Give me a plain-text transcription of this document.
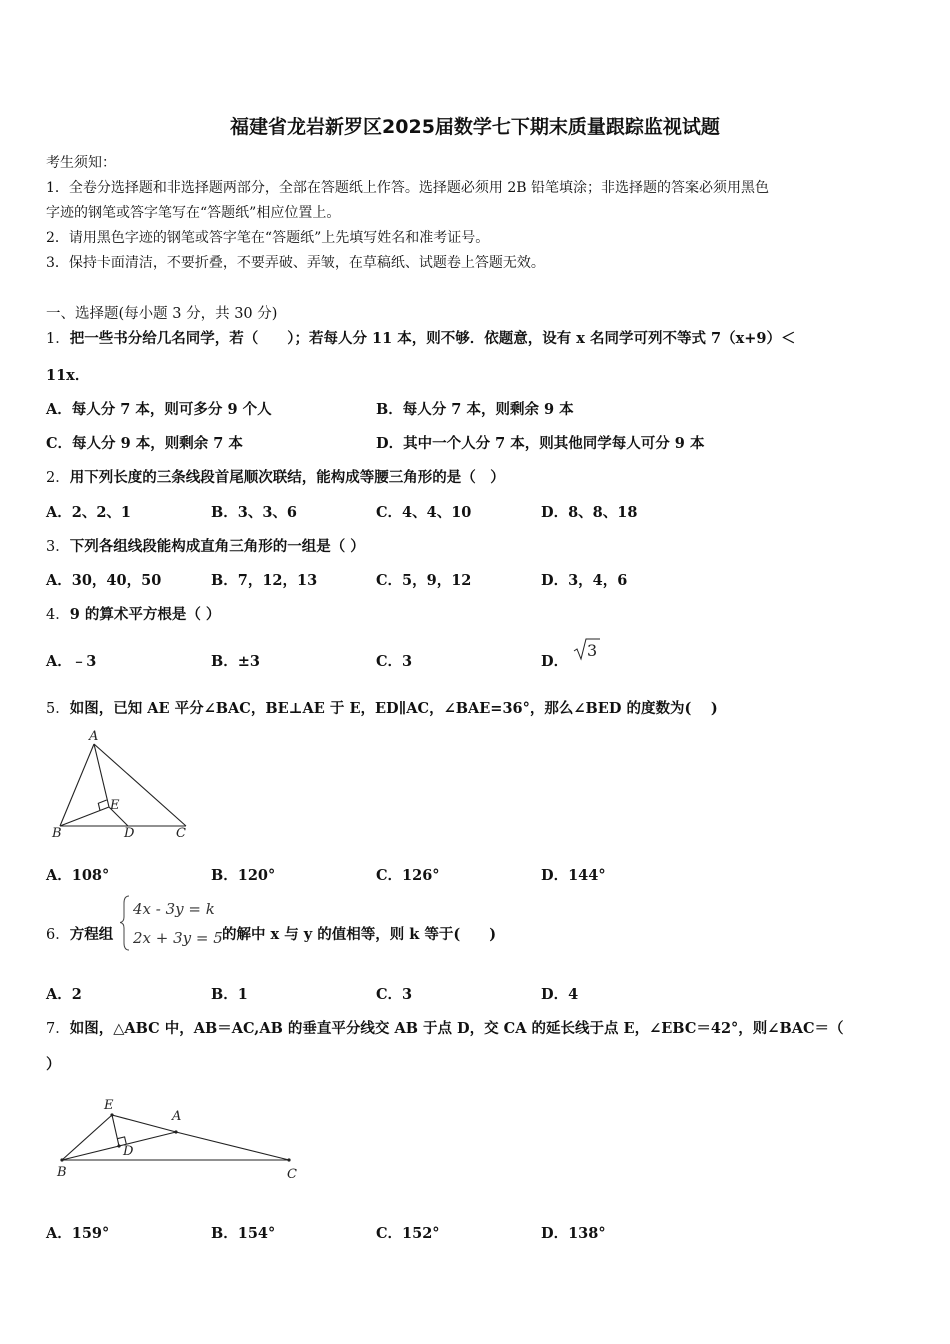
福建省龙岩新罗区2025届数学七下期末质量跟踪监视试题
考生须知：
1．全卷分选择题和非选择题两部分，全部在答题纸上作答。选择题必须用 2B 铅笔填涂；非选择题的答案必须用黑色
字迹的钢笔或答字笔写在“答题纸”相应位置上。
2．请用黑色字迹的钢笔或答字笔在“答题纸”上先填写姓名和准考证号。
3．保持卡面清洁，不要折叠，不要弄破、弄皱，在草稿纸、试题卷上答题无效。
一、选择题(每小题 3 分，共 30 分)
1．把一些书分给几名同学，若（　　）；若每人分 11 本，则不够．依题意，设有 x 名同学可列不等式 7（x+9）＜
11x．
A．每人分 7 本，则可多分 9 个人	B．每人分 7 本，则剩余 9 本
C．每人分 9 本，则剩余 7 本	D．其中一个人分 7 本，则其他同学每人可分 9 本
2．用下列长度的三条线段首尾顺次联结，能构成等腰三角形的是（　）
A．2、2、1	B．3、3、6	C．4、4、10	D．8、8、18
3．下列各组线段能构成直角三角形的一组是（ ）
A．30，40，50	B．7，12，13	C．5，9，12	D．3，4，6
4．9 的算术平方根是（ ）
A．﹣3	B．±3	C．3	D．
3
5．如图，已知 AE 平分∠BAC，BE⊥AE 于 E，ED∥AC，∠BAE=36°，那么∠BED 的度数为(　 )
A
E
B	D	C
A．108°	B．120°	C．126°	D．144°
6．方程组
4x - 3y = k
2x + 3y = 5 的解中 x 与 y 的值相等，则 k 等于(　　)
A．2	B．1	C．3	D．4
7．如图，△ABC 中，AB＝AC,AB 的垂直平分线交 AB 于点 D，交 CA 的延长线于点 E，∠EBC＝42°，则∠BAC＝（
）
E
A
D
B	C
A．159°	B．154°	C．152°	D．138°
